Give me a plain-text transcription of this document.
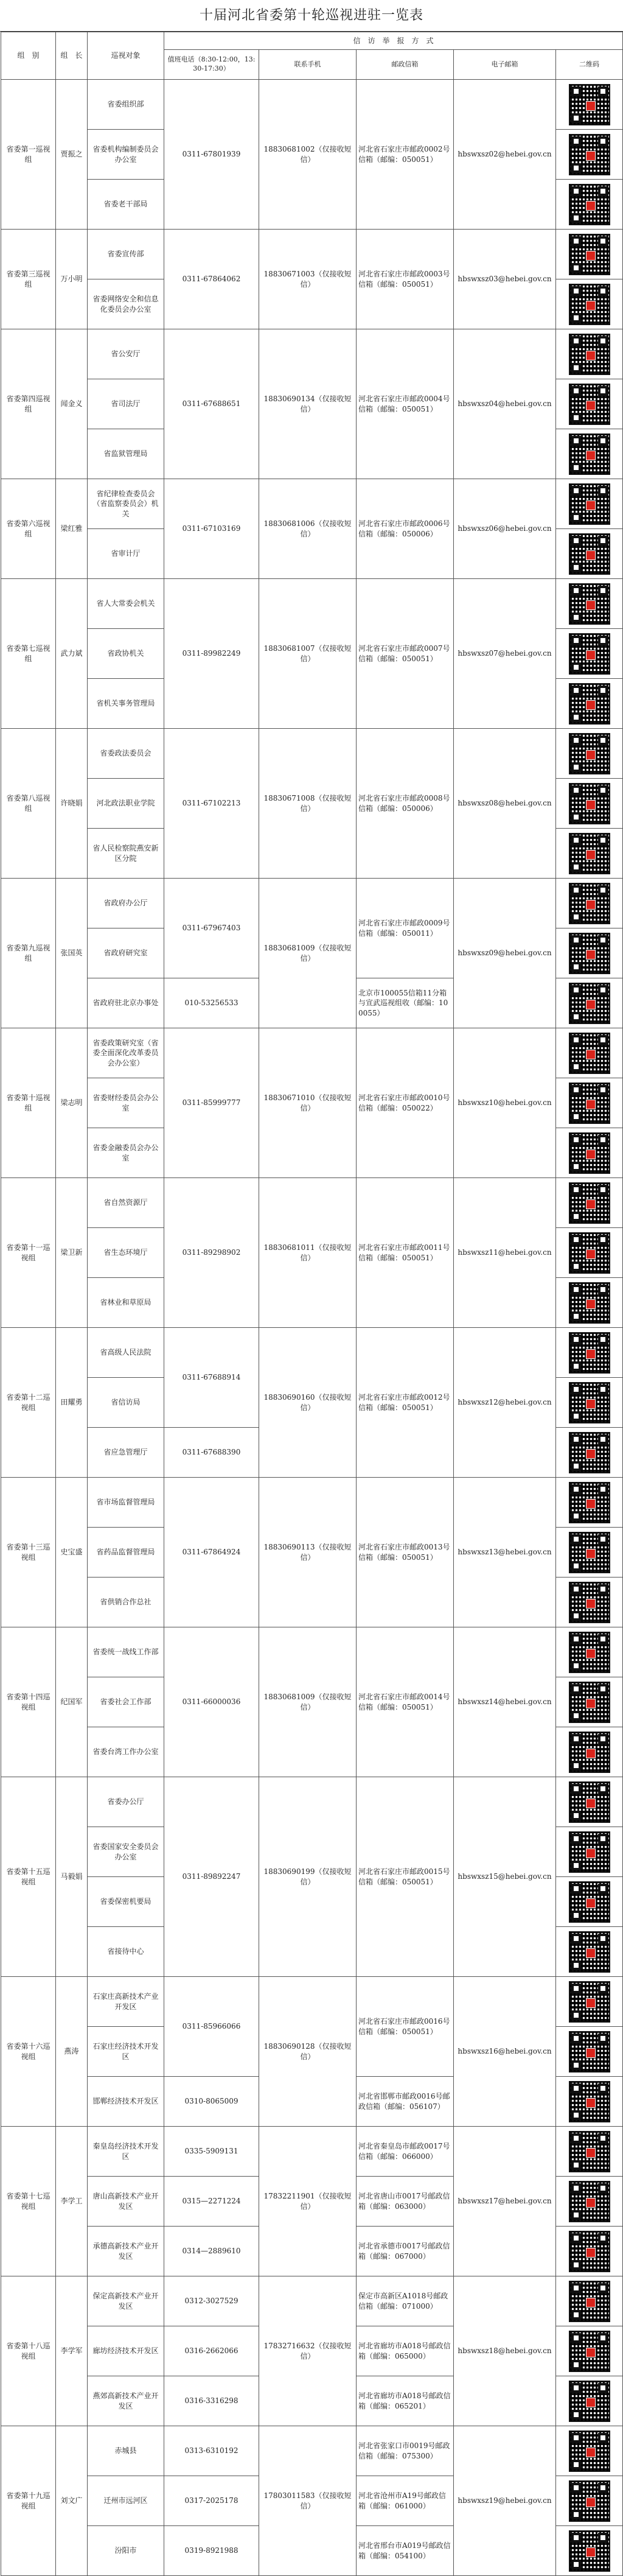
十届河北省委第十轮巡视进驻一览表
组　别	组　长	巡视对象	信　访　举　报　方　式				
			值班电话（8:30-12:00，13:30-17:30）	联系手机	邮政信箱	电子邮箱	二维码
省委第一巡视组	贾振之	省委组织部	0311-67801939	18830681002（仅接收短信）	河北省石家庄市邮政0002号信箱（邮编：050051）	hbswxsz02@hebei.gov.cn	

		省委机构编制委员会办公室					

		省委老干部局					

省委第三巡视组	万小明	省委宣传部	0311-67864062	18830671003（仅接收短信）	河北省石家庄市邮政0003号信箱（邮编：050051）	hbswxsz03@hebei.gov.cn	

		省委网络安全和信息化委员会办公室					

省委第四巡视组	闻金义	省公安厅	0311-67688651	18830690134（仅接收短信）	河北省石家庄市邮政0004号信箱（邮编：050051）	hbswxsz04@hebei.gov.cn	

		省司法厅					

		省监狱管理局					

省委第六巡视组	梁红雅	省纪律检查委员会（省监察委员会）机关	0311-67103169	18830681006（仅接收短信）	河北省石家庄市邮政0006号信箱（邮编：050006）	hbswxsz06@hebei.gov.cn	

		省审计厅					

省委第七巡视组	武力斌	省人大常委会机关	0311-89982249	18830681007（仅接收短信）	河北省石家庄市邮政0007号信箱（邮编：050051）	hbswxsz07@hebei.gov.cn	

		省政协机关					

		省机关事务管理局					

省委第八巡视组	许晓娟	省委政法委员会	0311-67102213	18830671008（仅接收短信）	河北省石家庄市邮政0008号信箱（邮编：050006）	hbswxsz08@hebei.gov.cn	

		河北政法职业学院					

		省人民检察院燕安新区分院					

省委第九巡视组	张国英	省政府办公厅	0311-67967403	18830681009（仅接收短信）	河北省石家庄市邮政0009号信箱（邮编：050011）	hbswxsz09@hebei.gov.cn	

		省政府研究室					

		省政府驻北京办事处	010-53256533		北京市100055信箱11分箱与宣武巡视组收（邮编：100055）		

省委第十巡视组	梁志明	省委政策研究室（省委全面深化改革委员会办公室）	0311-85999777	18830671010（仅接收短信）	河北省石家庄市邮政0010号信箱（邮编：050022）	hbswxsz10@hebei.gov.cn	

		省委财经委员会办公室					

		省委金融委员会办公室					

省委第十一巡视组	梁卫新	省自然资源厅	0311-89298902	18830681011（仅接收短信）	河北省石家庄市邮政0011号信箱（邮编：050051）	hbswxsz11@hebei.gov.cn	

		省生态环境厅					

		省林业和草原局					

省委第十二巡视组	田耀勇	省高级人民法院	0311-67688914	18830690160（仅接收短信）	河北省石家庄市邮政0012号信箱（邮编：050051）	hbswxsz12@hebei.gov.cn	

		省信访局					

		省应急管理厅	0311-67688390				

省委第十三巡视组	史宝盛	省市场监督管理局	0311-67864924	18830690113（仅接收短信）	河北省石家庄市邮政0013号信箱（邮编：050051）	hbswxsz13@hebei.gov.cn	

		省药品监督管理局					

		省供销合作总社					

省委第十四巡视组	纪国军	省委统一战线工作部	0311-66000036	18830681009（仅接收短信）	河北省石家庄市邮政0014号信箱（邮编：050051）	hbswxsz14@hebei.gov.cn	

		省委社会工作部					

		省委台湾工作办公室					

省委第十五巡视组	马毅娟	省委办公厅	0311-89892247	18830690199（仅接收短信）	河北省石家庄市邮政0015号信箱（邮编：050051）	hbswxsz15@hebei.gov.cn	

		省委国家安全委员会办公室					

		省委保密机要局					

		省接待中心					

省委第十六巡视组	燕涛	石家庄高新技术产业开发区	0311-85966066	18830690128（仅接收短信）	河北省石家庄市邮政0016号信箱（邮编：050051）	hbswxsz16@hebei.gov.cn	

		石家庄经济技术开发区					

		邯郸经济技术开发区	0310-8065009		河北省邯郸市邮政0016号邮政信箱（邮编：056107）		

省委第十七巡视组	李学工	秦皇岛经济技术开发区	0335-5909131	17832211901（仅接收短信）	河北省秦皇岛市邮政0017号信箱（邮编：066000）	hbswxsz17@hebei.gov.cn	

		唐山高新技术产业开发区	0315—2271224		河北省唐山市0017号邮政信箱（邮编：063000）		

		承德高新技术产业开发区	0314—2889610		河北省承德市0017号邮政信箱（邮编：067000）		

省委第十八巡视组	李学军	保定高新技术产业开发区	0312-3027529	17832716632（仅接收短信）	保定市高新区A1018号邮政信箱（邮编：071000）	hbswxsz18@hebei.gov.cn	

		廊坊经济技术开发区	0316-2662066		河北省廊坊市A018号邮政信箱（邮编：065000）		

		燕郊高新技术产业开发区	0316-3316298		河北省廊坊市A018号邮政信箱（邮编：065201）		

省委第十九巡视组	刘文广	赤城县	0313-6310192	17803011583（仅接收短信）	河北省张家口市0019号邮政信箱（邮编：075300）	hbswxsz19@hebei.gov.cn	

		迁州市远河区	0317-2025178		河北省沧州市A19号邮政信箱（邮编：061000）		

		汾阳市	0319-8921988		河北省邢台市A019号邮政信箱（邮编：054100）		
